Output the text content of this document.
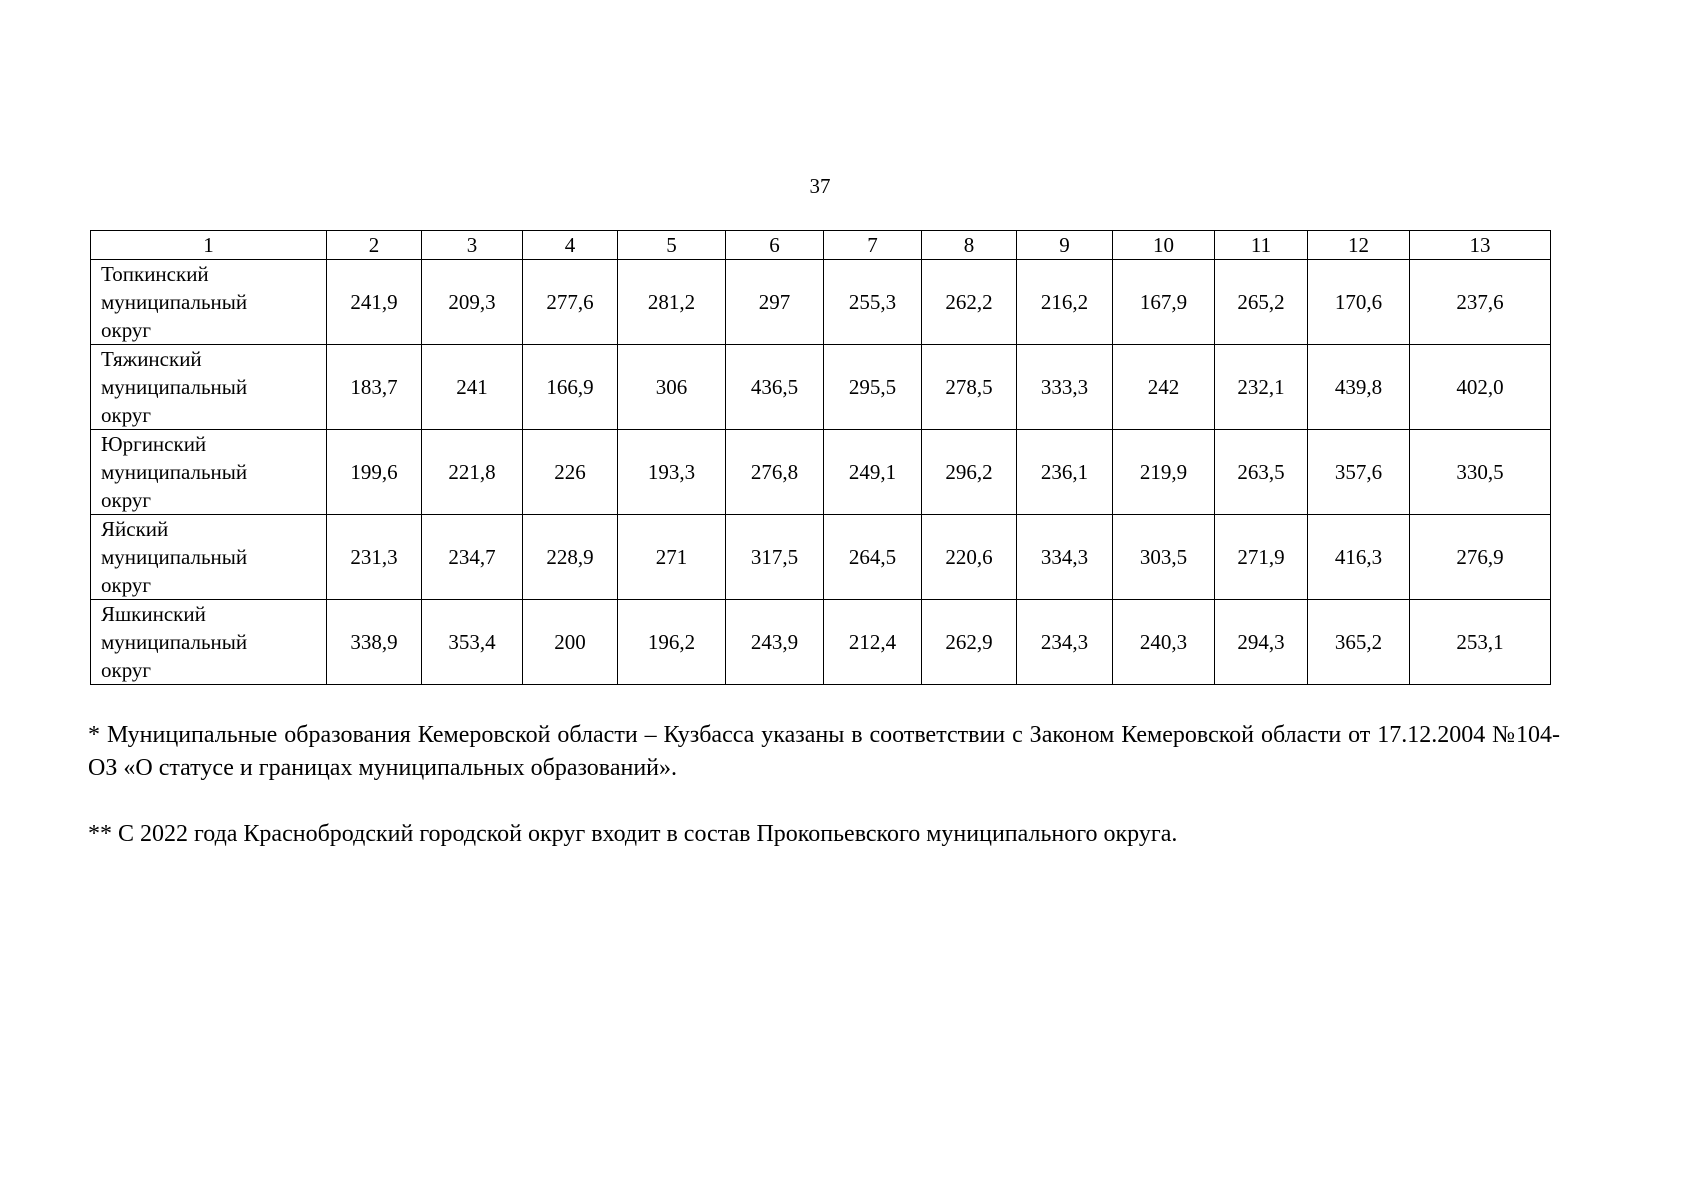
37
1	2	3	4	5	6	7	8	9	10	11	12	13

Топкинский
муниципальный
округ	241,9	209,3	277,6	281,2	297	255,3	262,2	216,2	167,9	265,2	170,6	237,6

Тяжинский
муниципальный
округ	183,7	241	166,9	306	436,5	295,5	278,5	333,3	242	232,1	439,8	402,0

Юргинский
муниципальный
округ	199,6	221,8	226	193,3	276,8	249,1	296,2	236,1	219,9	263,5	357,6	330,5

Яйский
муниципальный
округ	231,3	234,7	228,9	271	317,5	264,5	220,6	334,3	303,5	271,9	416,3	276,9

Яшкинский
муниципальный
округ	338,9	353,4	200	196,2	243,9	212,4	262,9	234,3	240,3	294,3	365,2	253,1

* Муниципальные образования Кемеровской области – Кузбасса указаны в соответствии с Законом Кемеровской области от 17.12.2004 №104-ОЗ «О статусе и границах муниципальных образований».

** С 2022 года Краснобродский городской округ входит в состав Прокопьевского муниципального округа.
